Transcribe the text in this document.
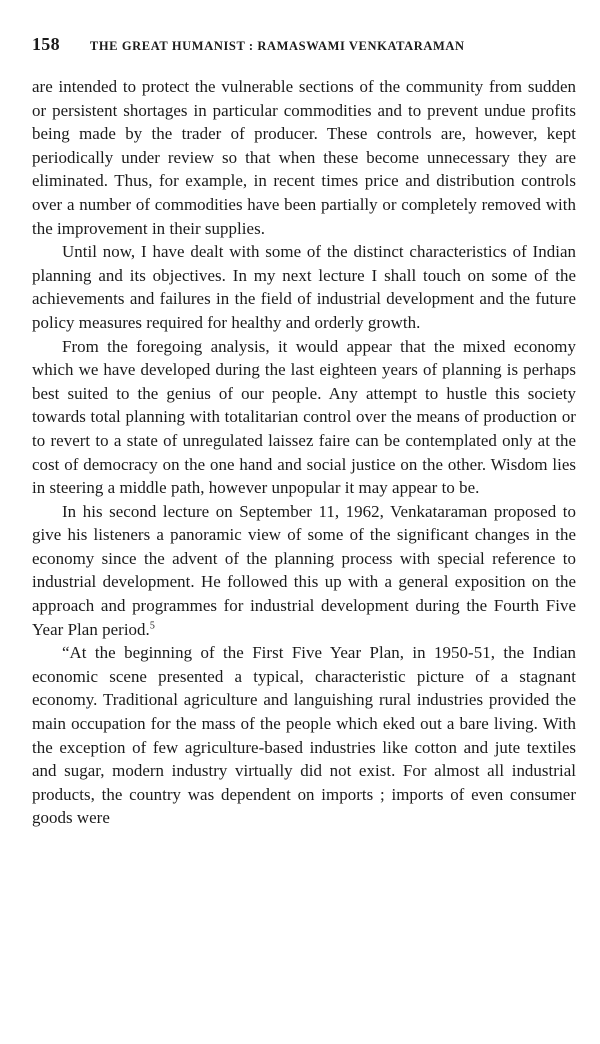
158 THE GREAT HUMANIST : RAMASWAMI VENKATARAMAN

are intended to protect the vulnerable sections of the community from sudden or persistent shortages in particular commodities and to prevent undue profits being made by the trader of producer. These controls are, however, kept periodically under review so that when these become unnecessary they are eliminated. Thus, for example, in recent times price and distribution controls over a number of commodities have been partially or completely removed with the improvement in their supplies.

Until now, I have dealt with some of the distinct characteristics of Indian planning and its objectives. In my next lecture I shall touch on some of the achievements and failures in the field of industrial development and the future policy measures required for healthy and orderly growth.

From the foregoing analysis, it would appear that the mixed economy which we have developed during the last eighteen years of planning is perhaps best suited to the genius of our people. Any attempt to hustle this society towards total planning with totalitarian control over the means of production or to revert to a state of unregulated laissez faire can be contemplated only at the cost of democracy on the one hand and social justice on the other. Wisdom lies in steering a middle path, however unpopular it may appear to be.

In his second lecture on September 11, 1962, Venkataraman proposed to give his listeners a panoramic view of some of the significant changes in the economy since the advent of the planning process with special reference to industrial development. He followed this up with a general exposition on the approach and programmes for industrial development during the Fourth Five Year Plan period.$^5$

“At the beginning of the First Five Year Plan, in 1950-51, the Indian economic scene presented a typical, characteristic picture of a stagnant economy. Traditional agriculture and languishing rural industries provided the main occupation for the mass of the people which eked out a bare living. With the exception of few agriculture-based industries like cotton and jute textiles and sugar, modern industry virtually did not exist. For almost all industrial products, the country was dependent on imports ; imports of even consumer goods were
